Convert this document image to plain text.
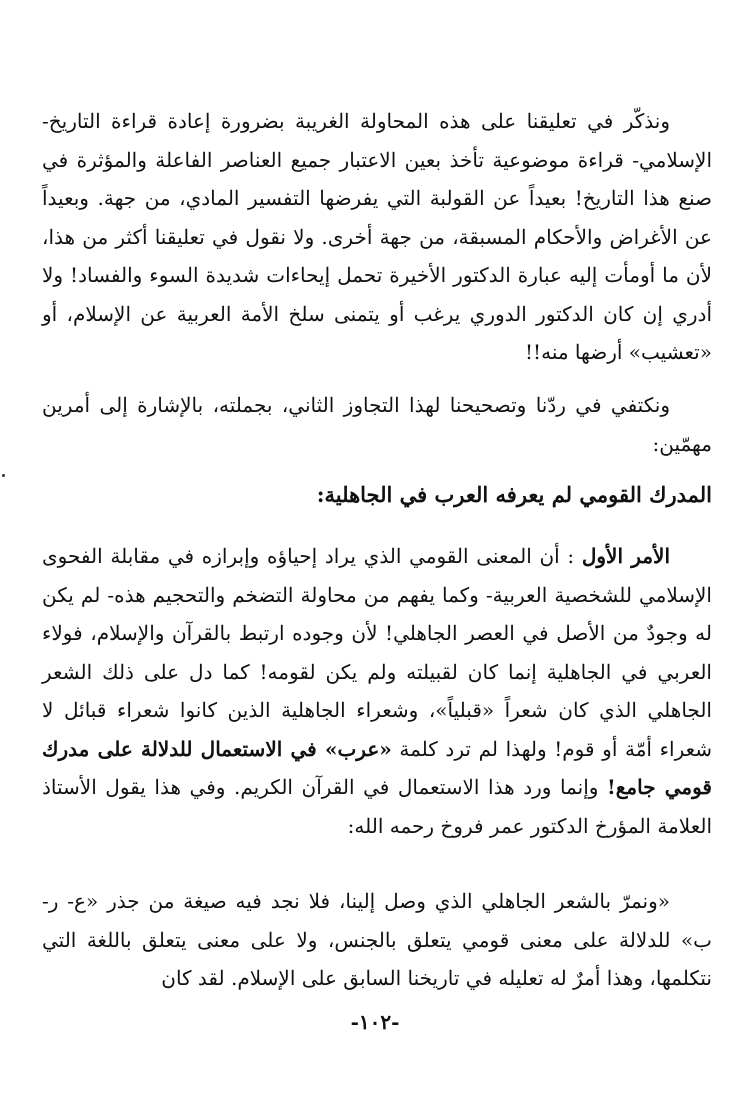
ونذكّر في تعليقنا على هذه المحاولة الغريبة بضرورة إعادة قراءة التاريخ- الإسلامي- قراءة موضوعية تأخذ بعين الاعتبار جميع العناصر الفاعلة والمؤثرة في صنع هذا التاريخ! بعيداً عن القولبة التي يفرضها التفسير المادي، من جهة. وبعيداً عن الأغراض والأحكام المسبقة، من جهة أخرى. ولا نقول في تعليقنا أكثر من هذا، لأن ما أومأت إليه عبارة الدكتور الأخيرة تحمل إيحاءات شديدة السوء والفساد! ولا أدري إن كان الدكتور الدوري يرغب أو يتمنى سلخ الأمة العربية عن الإسلام، أو «تعشيب» أرضها منه!!

ونكتفي في ردّنا وتصحيحنا لهذا التجاوز الثاني، بجملته، بالإشارة إلى أمرين مهمّين:

المدرك القومي لم يعرفه العرب في الجاهلية:

الأمر الأول : أن المعنى القومي الذي يراد إحياؤه وإبرازه في مقابلة الفحوى الإسلامي للشخصية العربية- وكما يفهم من محاولة التضخم والتحجيم هذه- لم يكن له وجودٌ من الأصل في العصر الجاهلي! لأن وجوده ارتبط بالقرآن والإسلام، فولاء العربي في الجاهلية إنما كان لقبيلته ولم يكن لقومه! كما دل على ذلك الشعر الجاهلي الذي كان شعراً «قبلياً»، وشعراء الجاهلية الذين كانوا شعراء قبائل لا شعراء أمّة أو قوم! ولهذا لم ترد كلمة «عرب» في الاستعمال للدلالة على مدرك قومي جامع! وإنما ورد هذا الاستعمال في القرآن الكريم. وفي هذا يقول الأستاذ العلامة المؤرخ الدكتور عمر فروخ رحمه الله:

«ونمرّ بالشعر الجاهلي الذي وصل إلينا، فلا نجد فيه صيغة من جذر «ع- ر- ب» للدلالة على معنى قومي يتعلق بالجنس، ولا على معنى يتعلق باللغة التي نتكلمها، وهذا أمرٌ له تعليله في تاريخنا السابق على الإسلام. لقد كان

-١٠٢-
